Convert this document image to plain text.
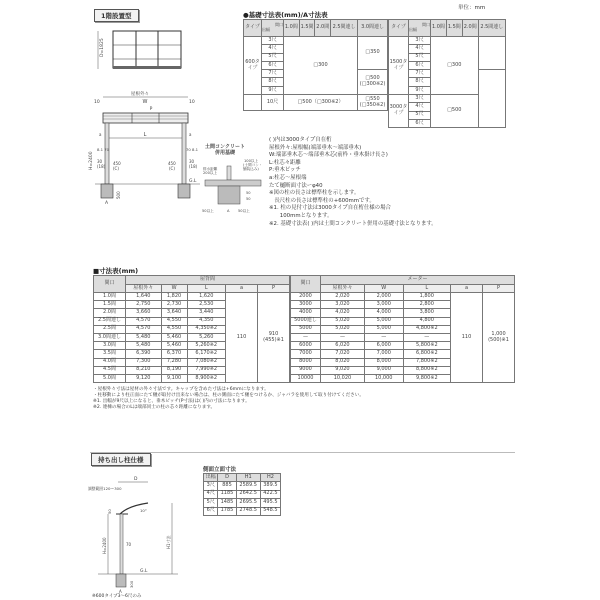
1階設置型
D=1825
屋根外々
10	W	10
P
L
a	a
H=2400
8.1 70	70 8.1
30
(18)
450
(C)
450
(C)
30
(18)
G.L
A
500
土間コンクリート
併用基礎
100以上
(土間コン・
舗装込み)
排水距離
200以上
50
50
50以上	A 50以上
単位：mm
●基礎寸法表(mm)/A寸法表
タイプ	間口
出幅	1.0間	1.5間	2.0間	2.5間連し	3.0間連し
600タイプ	3尺	□300				□350
	4尺					
	5尺					
	6尺					
	7尺					□500
(□300※2)

	8尺					
	9尺					
	10尺	□500（□300※2）				□550
(□350※2)
タイプ	間口
出幅	1.0間	1.5間	2.0間	2.5間連し
1500タイプ	3尺	□300			
	4尺				
	5尺				
	6尺				
	7尺				
	8尺				
	9尺				
3000タイプ	3尺	□500			
	4尺				
	5尺				
	6尺				
( )内は3000タイプ自在桁
屋根外々:屋根幅(端部垂木～端部垂木)
W:端部垂木芯～端部垂木芯(前枠・垂木掛け長さ)
L:柱芯々距離
P:垂木ピッチ
a:柱芯～屋根端
たて樋断面寸法ーφ40
※図の柱の長さは標準柱を示します。
　長尺柱の長さは標準柱の+600mmです。
※1. 柱の見付寸法は3000タイプ自在桁仕様の場合
　　100mmとなります。
※2. 基礎寸法表( )内は土間コンクリート併用の基礎寸法となります。
■寸法表(mm)
間口	屋背間				
	屋根外々	W	L	a	P
1.0間	1,640	1,820	1,620	110	910
(455)※1

1.5間	2,750	2,730	2,530		
2.0間	3,660	3,640	3,440		
2.5間連し	4,570	4,550	4,350		
2.5間	4,570	4,550	4,350※2		
3.0間連し	5,480	5,460	5,260		
3.0間	5,480	5,460	5,260※2		
3.5間	6,390	6,370	6,170※2		
4.0間	7,300	7,280	7,080※2		
4.5間	8,210	8,190	7,990※2		
5.0間	9,120	9,100	8,900※2		
間口	メーター				
	屋根外々	W	L	a	P
2000	2,020	2,000	1,800	110	1,000
(500)※1

3000	3,020	3,000	2,800		
4000	4,020	4,000	3,800		
5000連し	5,020	5,000	4,800		
5000	5,020	5,000	4,800※2		
—	—	—	—		
6000	6,020	6,000	5,800※2		
7000	7,020	7,000	6,800※2		
8000	8,020	8,000	7,800※2		
9000	9,020	9,000	8,800※2		
10000	10,020	10,000	9,800※2		
・屋根外々寸法は屋材の外々寸法です。キャップを含めた寸法は+6mmになります。
・柱移動により柱正面にたて樋が取付け出来ない場合は、柱の側面にたて樋をつけるか、ジャバラを使用して取り付けてください。
※1. 出幅が9尺以上になると、垂木ピッチ(P寸法)は( )内の寸法になります。
※2. 連棟の場合のLは端部同士の柱の芯々距離になります。
持ち出し柱仕様
D
調整範囲120～300
50	10°
70
H=2400	H1寸法
G.L
A
300
※600タイプ3～6尺のみ
側面立面寸法
出幅	D	H1	H2
3尺	885	2589.5	389.5
4尺	1185	2642.5	422.5
5尺	1485	2695.5	495.5
6尺	1785	2748.5	548.5
